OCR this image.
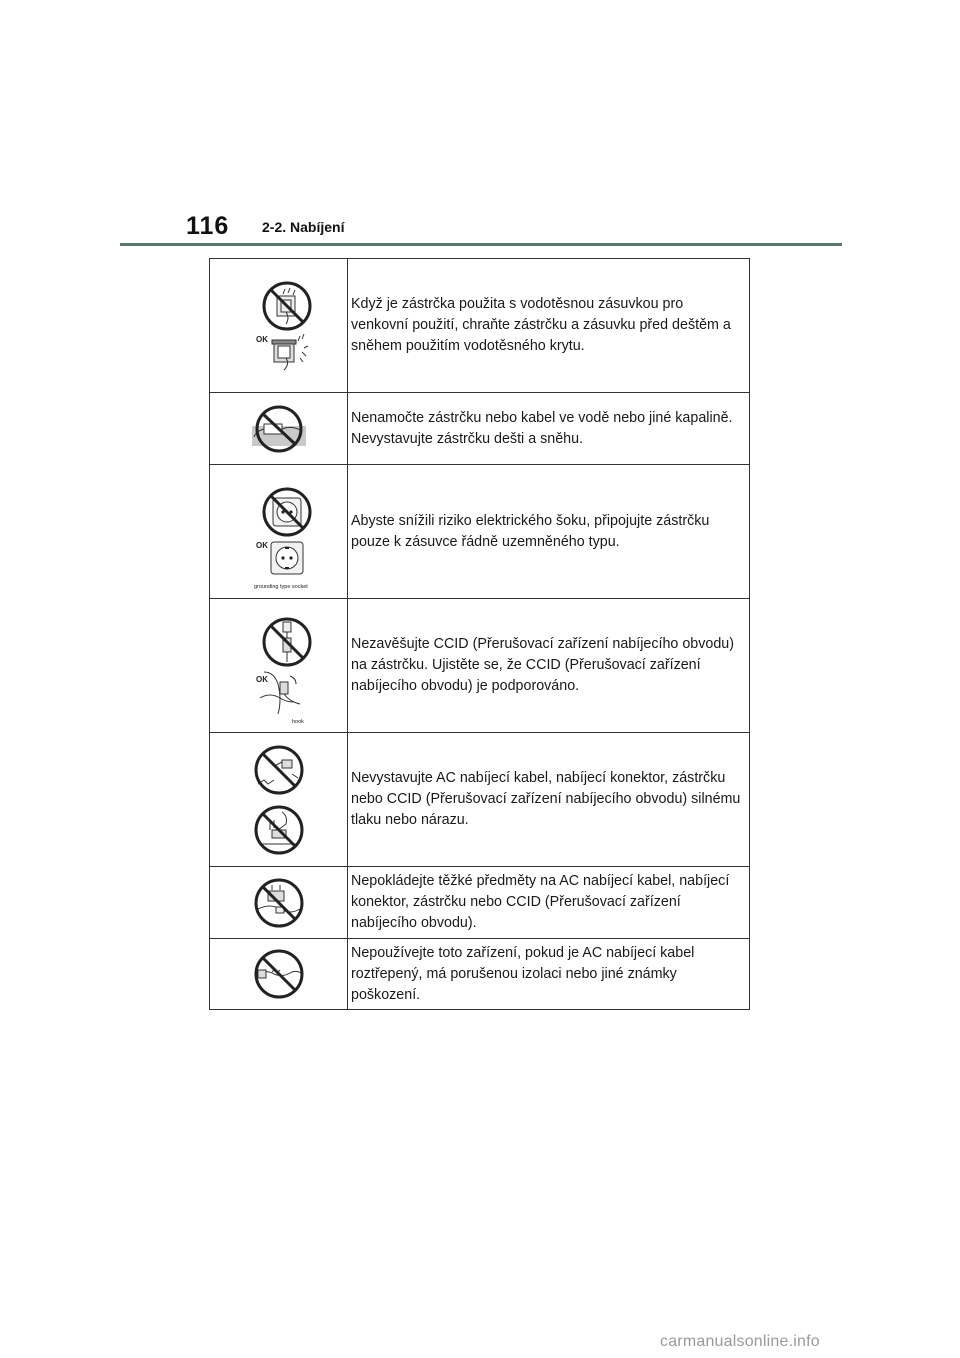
116 2-2. Nabíjení
OK

Když je zástrčka použita s vodotěsnou zásuvkou pro venkovní použití, chraňte zástrčku a zásuvku před deštěm a sněhem použitím vodotěsného krytu.

Nenamočte zástrčku nebo kabel ve vodě nebo jiné kapalině. Nevystavujte zástrčku dešti a sněhu.

OK
grounding type socket

Abyste snížili riziko elektrického šoku, připojujte zástrčku pouze k zásuvce řádně uzemněného typu.

OK
hook

Nezavěšujte CCID (Přerušovací zařízení nabíjecího obvodu) na zástrčku. Ujistěte se, že CCID (Přerušovací zařízení nabíjecího obvodu) je podporováno.

Nevystavujte AC nabíjecí kabel, nabíjecí konektor, zástrčku nebo CCID (Přerušovací zařízení nabíjecího obvodu) silnému tlaku nebo nárazu.

Nepokládejte těžké předměty na AC nabíjecí kabel, nabíjecí konektor, zástrčku nebo CCID (Přerušovací zařízení nabíjecího obvodu).

Nepoužívejte toto zařízení, pokud je AC nabíjecí kabel roztřepený, má porušenou izolaci nebo jiné známky poškození.

carmanualsonline.info
